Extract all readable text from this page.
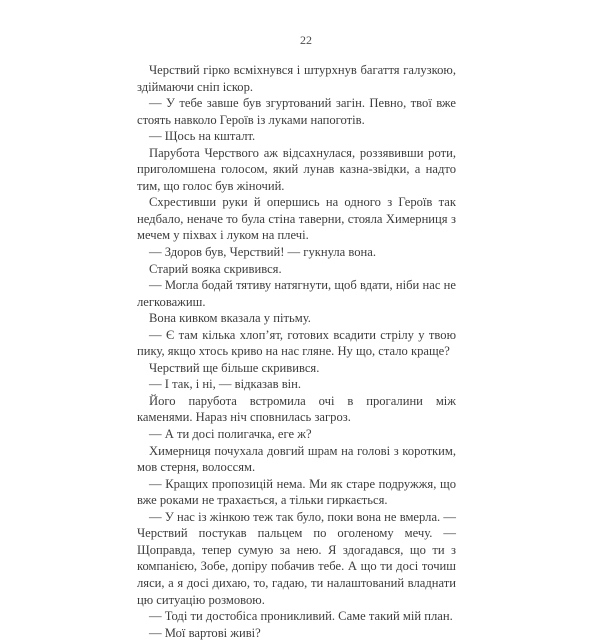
22

Черствий гірко всміхнувся і штурхнув багаття галузкою, здіймаючи сніп іскор.

— У тебе завше був згуртований загін. Певно, твої вже стоять навколо Героїв із луками напоготів.

— Щось на кшталт.

Парубота Черствого аж відсахнулася, роззявивши роти, приголомшена голосом, який лунав казна-звідки, а надто тим, що голос був жіночий.

Схрестивши руки й опершись на одного з Героїв так недбало, неначе то була стіна таверни, стояла Химерниця з мечем у піхвах і луком на плечі.

— Здоров був, Черствий! — гукнула вона.

Старий вояка скривився.

— Могла бодай тятиву натягнути, щоб вдати, ніби нас не легковажиш.

Вона кивком вказала у пітьму.

— Є там кілька хлоп’ят, готових всадити стрілу у твою пику, якщо хтось криво на нас гляне. Ну що, стало краще?

Черствий ще більше скривився.

— І так, і ні, — відказав він.

Його парубота встромила очі в прогалини між каменями. Нараз ніч сповнилась загроз.

— А ти досі полигачка, еге ж?

Химерниця почухала довгий шрам на голові з коротким, мов стерня, волоссям.

— Кращих пропозицій нема. Ми як старе подружжя, що вже роками не трахається, а тільки гиркається.

— У нас із жінкою теж так було, поки вона не вмерла. — Черствий постукав пальцем по оголеному мечу. — Щоправда, тепер сумую за нею. Я здогадався, що ти з компанією, Зобе, допіру побачив тебе. А що ти досі точиш ляси, а я досі дихаю, то, гадаю, ти налаштований владнати цю ситуацію розмовою.

— Тоді ти достобіса проникливий. Саме такий мій план.

— Мої вартові живі?
